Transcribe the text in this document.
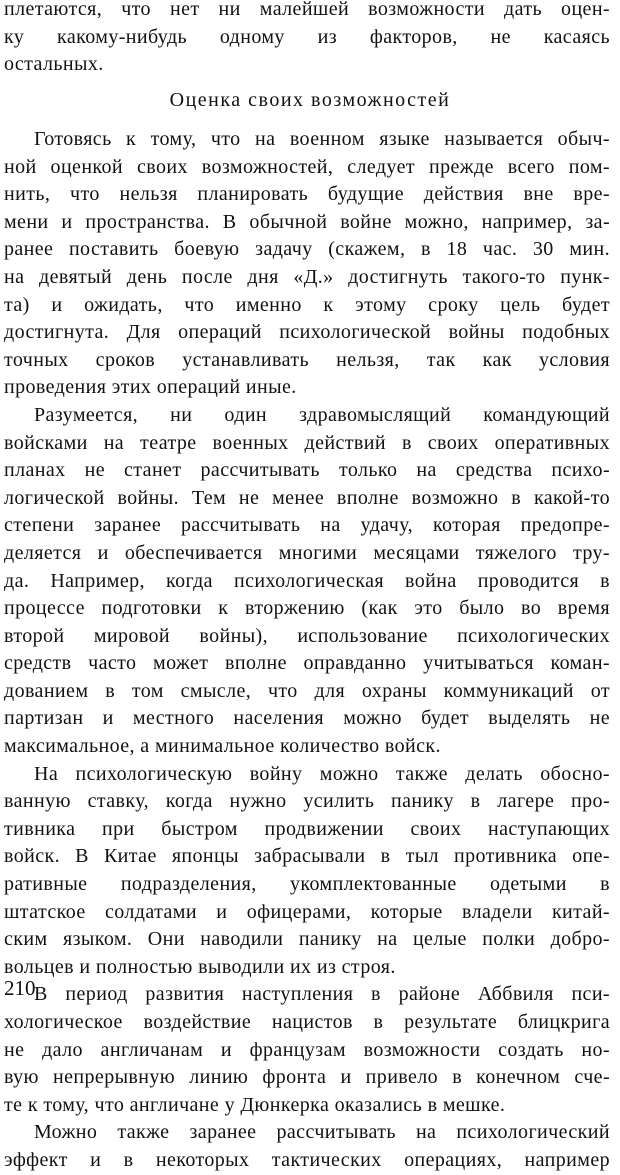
плетаются, что нет ни малейшей возможности дать оцен-
ку какому-нибудь одному из факторов, не касаясь
остальных.
Оценка своих возможностей
Готовясь к тому, что на военном языке называется обыч-
ной оценкой своих возможностей, следует прежде всего пом-
нить, что нельзя планировать будущие действия вне вре-
мени и пространства. В обычной войне можно, например, за-
ранее поставить боевую задачу (скажем, в 18 час. 30 мин.
на девятый день после дня «Д.» достигнуть такого-то пунк-
та) и ожидать, что именно к этому сроку цель будет
достигнута. Для операций психологической войны подобных
точных сроков устанавливать нельзя, так как условия
проведения этих операций иные.
Разумеется, ни один здравомыслящий командующий
войсками на театре военных действий в своих оперативных
планах не станет рассчитывать только на средства психо-
логической войны. Тем не менее вполне возможно в какой-то
степени заранее рассчитывать на удачу, которая предопре-
деляется и обеспечивается многими месяцами тяжелого тру-
да. Например, когда психологическая война проводится в
процессе подготовки к вторжению (как это было во время
второй мировой войны), использование психологических
средств часто может вполне оправданно учитываться коман-
дованием в том смысле, что для охраны коммуникаций от
партизан и местного населения можно будет выделять не
максимальное, а минимальное количество войск.
На психологическую войну можно также делать обосно-
ванную ставку, когда нужно усилить панику в лагере про-
тивника при быстром продвижении своих наступающих
войск. В Китае японцы забрасывали в тыл противника опе-
ративные подразделения, укомплектованные одетыми в
штатское солдатами и офицерами, которые владели китай-
ским языком. Они наводили панику на целые полки добро-
вольцев и полностью выводили их из строя.
В период развития наступления в районе Аббвиля пси-
хологическое воздействие нацистов в результате блицкрига
не дало англичанам и французам возможности создать но-
вую непрерывную линию фронта и привело в конечном сче-
те к тому, что англичане у Дюнкерка оказались в мешке.
Можно также заранее рассчитывать на психологический
эффект и в некоторых тактических операциях, например
210
